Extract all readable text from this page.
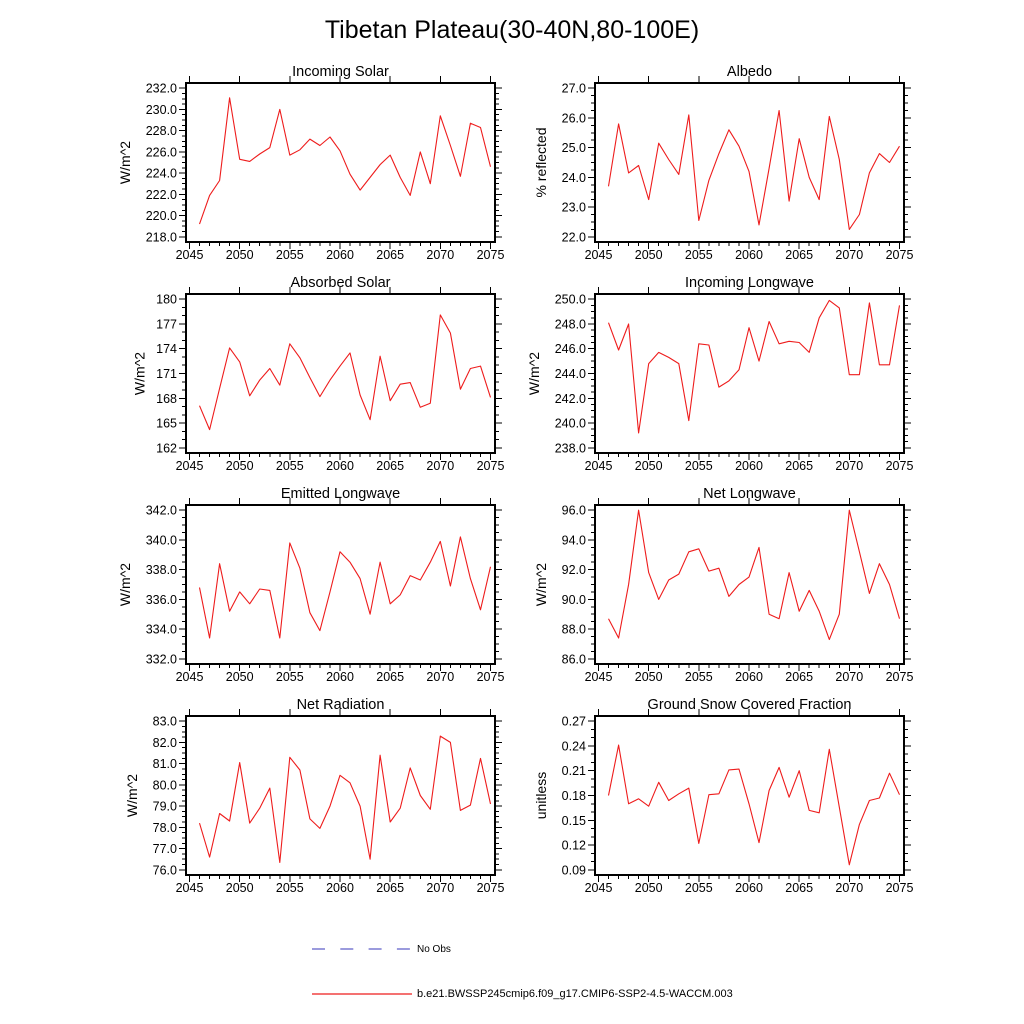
Tibetan Plateau(30-40N,80-100E)
2045 2050 2055 2060 2065 2070 2075
218.0
220.0
222.0
224.0
226.0
228.0
230.0
232.0
Incoming Solar
W/m^2
2045 2050 2055 2060 2065 2070 2075
22.0
23.0
24.0
25.0
26.0
27.0
Albedo
% reflected
2045 2050 2055 2060 2065 2070 2075
162
165
168
171
174
177
180
Absorbed Solar
W/m^2
2045 2050 2055 2060 2065 2070 2075
238.0
240.0
242.0
244.0
246.0
248.0
250.0
Incoming Longwave
W/m^2
2045 2050 2055 2060 2065 2070 2075
332.0
334.0
336.0
338.0
340.0
342.0
Emitted Longwave
W/m^2
2045 2050 2055 2060 2065 2070 2075
86.0
88.0
90.0
92.0
94.0
96.0
Net Longwave
W/m^2
2045 2050 2055 2060 2065 2070 2075
76.0
77.0
78.0
79.0
80.0
81.0
82.0
83.0
Net Radiation
W/m^2
2045 2050 2055 2060 2065 2070 2075
0.09
0.12
0.15
0.18
0.21
0.24
0.27
Ground Snow Covered Fraction
unitless
No Obs
b.e21.BWSSP245cmip6.f09_g17.CMIP6-SSP2-4.5-WACCM.003
